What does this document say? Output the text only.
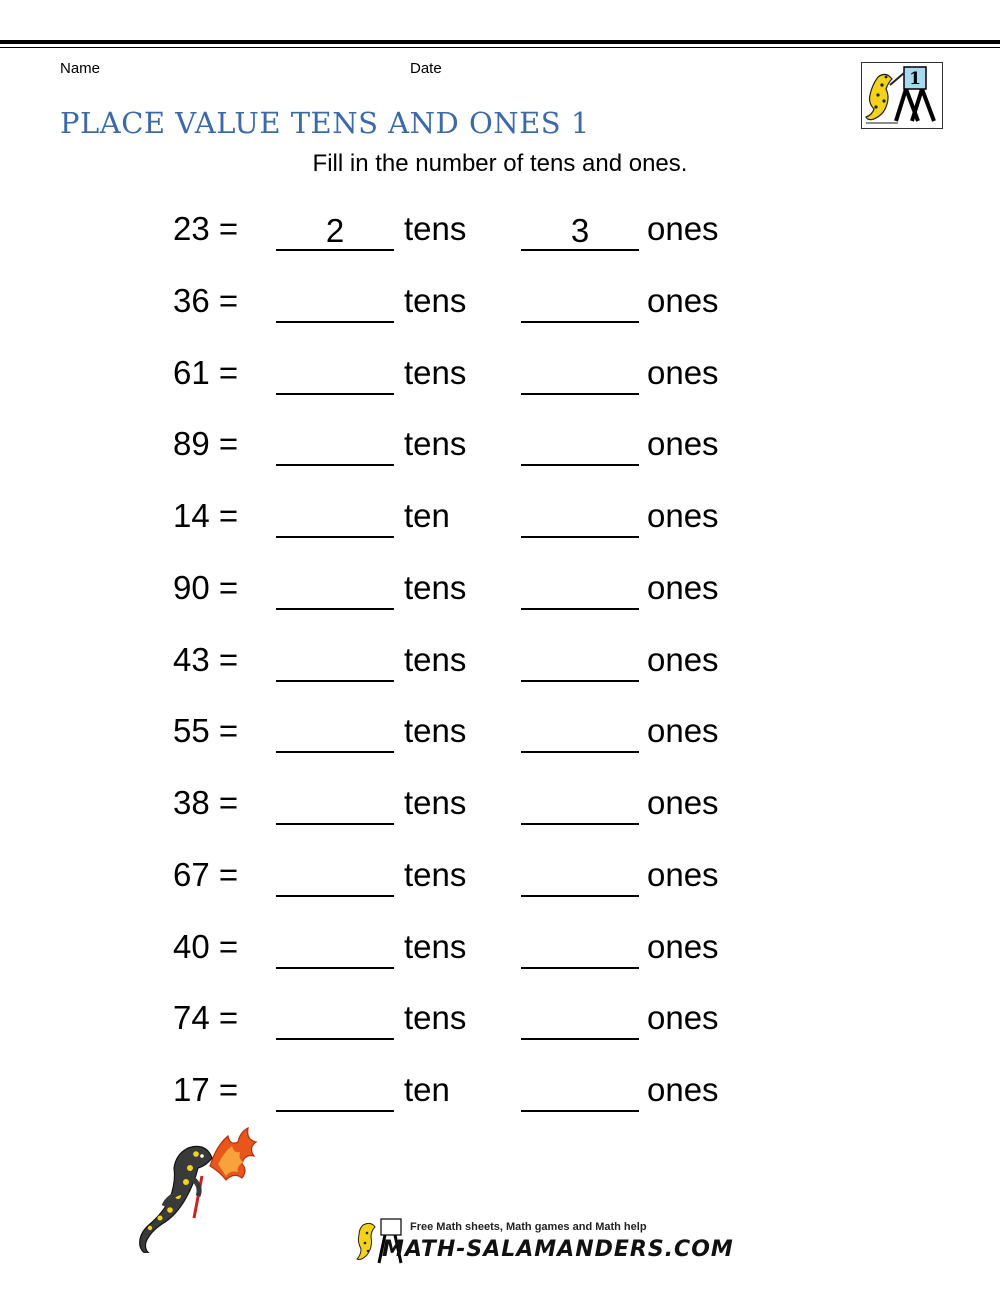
Name	Date
PLACE VALUE TENS AND ONES 1
1
Fill in the number of tens and ones.
23 =	2	tens	3	ones
36 =	tens	ones
61 =	tens	ones
89 =	tens	ones
14 =	ten	ones
90 =	tens	ones
43 =	tens	ones
55 =	tens	ones
38 =	tens	ones
67 =	tens	ones
40 =	tens	ones
74 =	tens	ones
17 =	ten	ones
Free Math sheets, Math games and Math help
MATH-SALAMANDERS.COM
